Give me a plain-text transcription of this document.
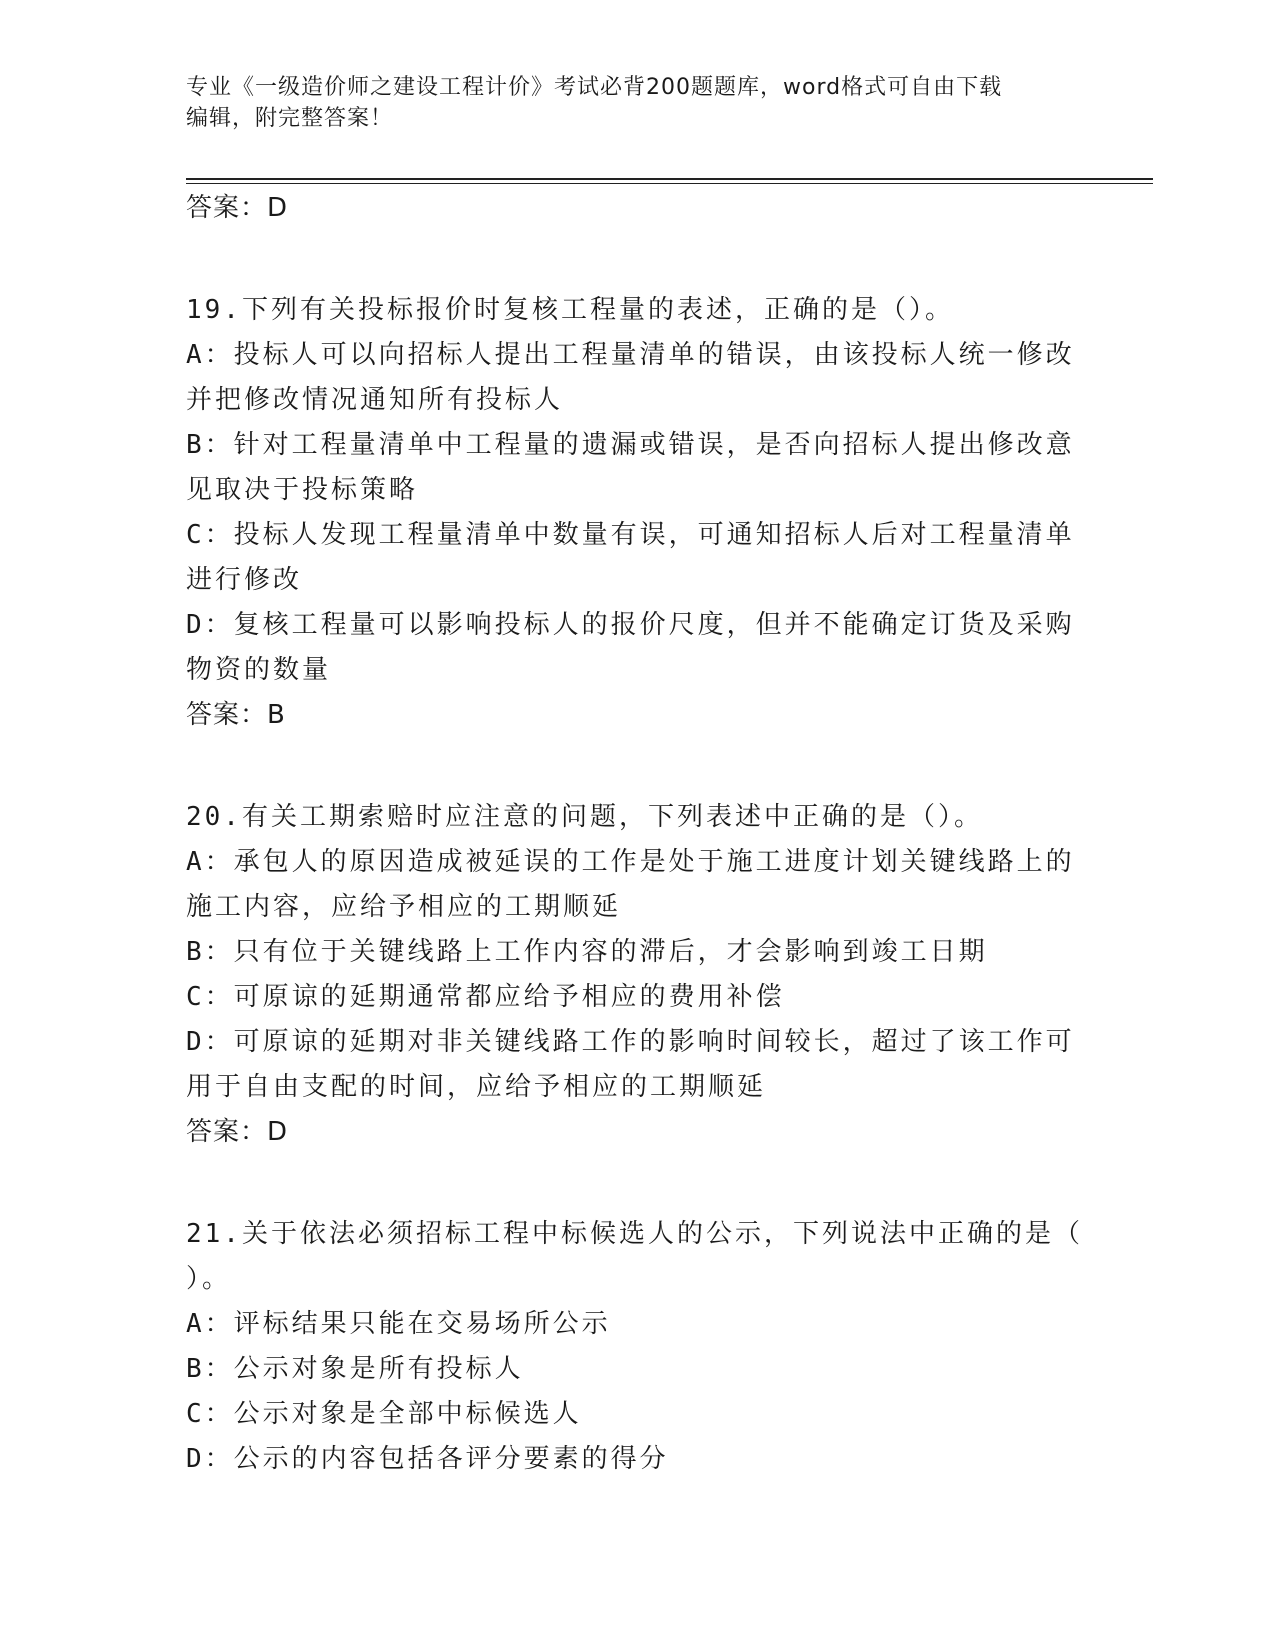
专业《一级造价师之建设工程计价》考试必背200题题库，word格式可自由下载
编辑，附完整答案！
答案：D
19.下列有关投标报价时复核工程量的表述，正确的是（）。
A：投标人可以向招标人提出工程量清单的错误，由该投标人统一修改
并把修改情况通知所有投标人
B：针对工程量清单中工程量的遗漏或错误，是否向招标人提出修改意
见取决于投标策略
C：投标人发现工程量清单中数量有误，可通知招标人后对工程量清单
进行修改
D：复核工程量可以影响投标人的报价尺度，但并不能确定订货及采购
物资的数量
答案：B
20.有关工期索赔时应注意的问题，下列表述中正确的是（）。
A：承包人的原因造成被延误的工作是处于施工进度计划关键线路上的
施工内容，应给予相应的工期顺延
B：只有位于关键线路上工作内容的滞后，才会影响到竣工日期
C：可原谅的延期通常都应给予相应的费用补偿
D：可原谅的延期对非关键线路工作的影响时间较长，超过了该工作可
用于自由支配的时间，应给予相应的工期顺延
答案：D
21.关于依法必须招标工程中标候选人的公示，下列说法中正确的是（
）。
A：评标结果只能在交易场所公示
B：公示对象是所有投标人
C：公示对象是全部中标候选人
D：公示的内容包括各评分要素的得分
